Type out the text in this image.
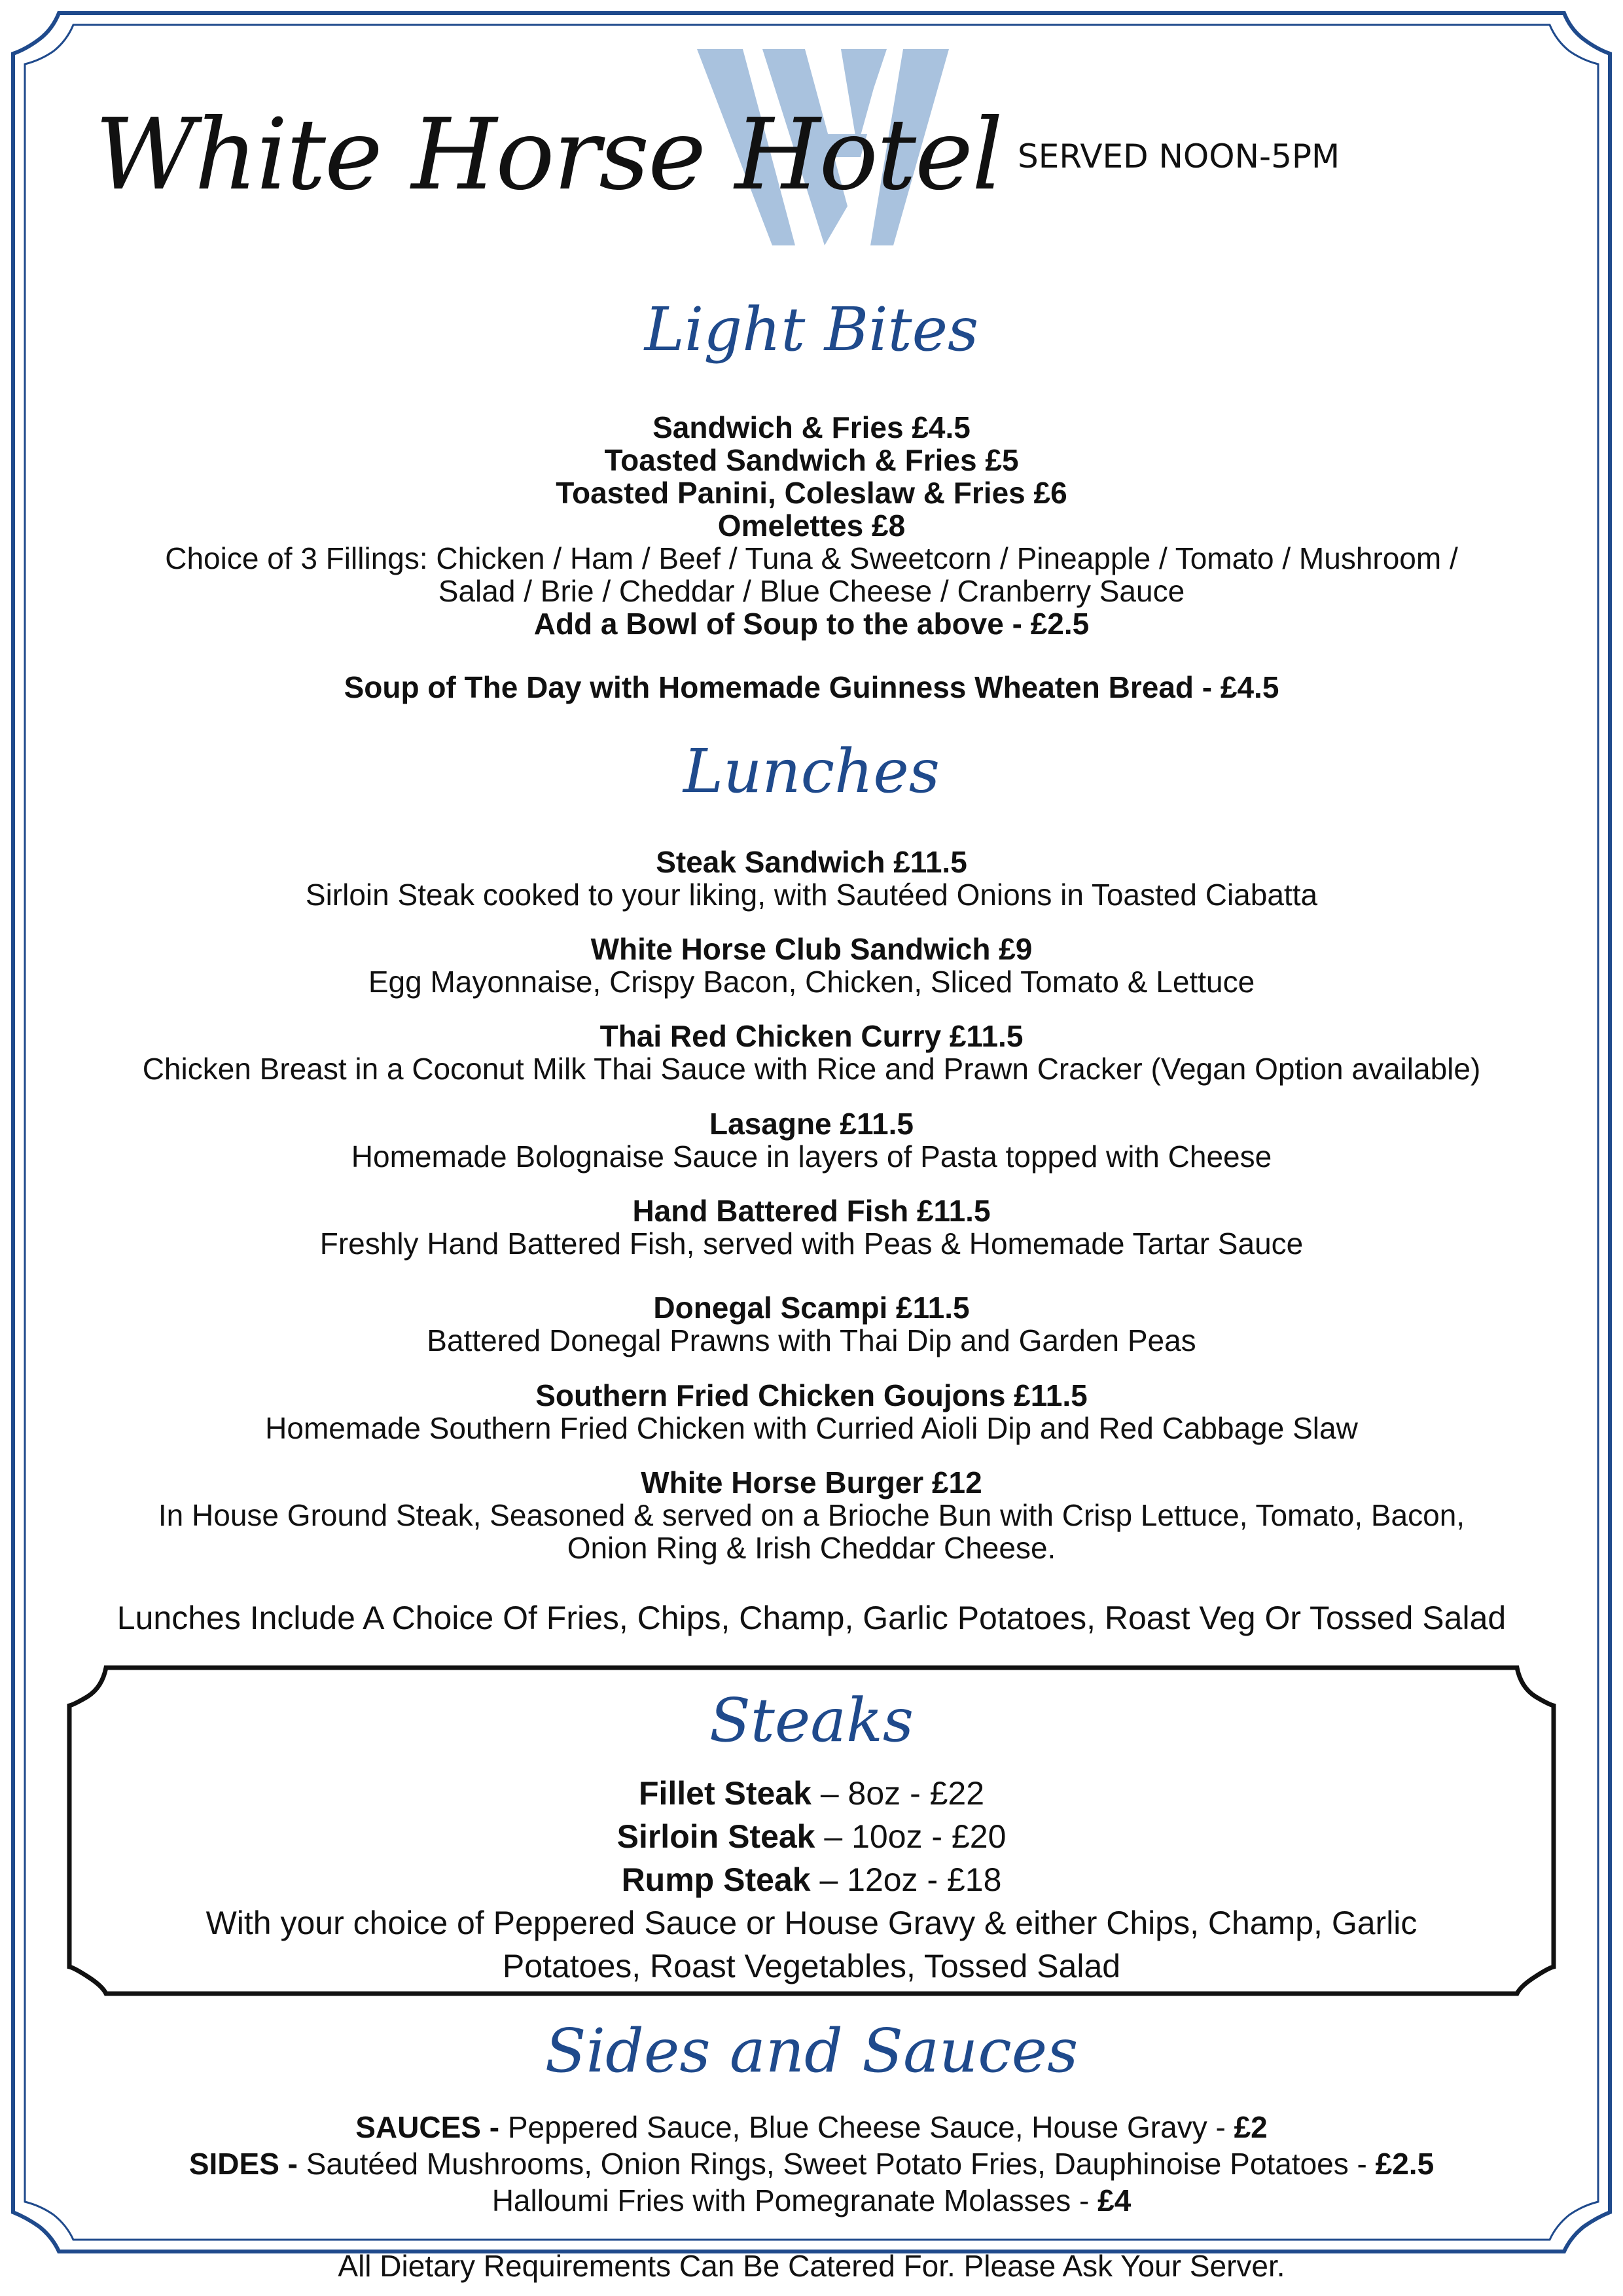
White Horse Hotel SERVED NOON-5PM
Light Bites
Sandwich & Fries £4.5
Toasted Sandwich & Fries £5
Toasted Panini, Coleslaw & Fries £6
Omelettes £8
Choice of 3 Fillings: Chicken / Ham / Beef / Tuna & Sweetcorn / Pineapple / Tomato / Mushroom /
Salad / Brie / Cheddar / Blue Cheese / Cranberry Sauce
Add a Bowl of Soup to the above - £2.5
Soup of The Day with Homemade Guinness Wheaten Bread - £4.5
Lunches
Steak Sandwich £11.5
Sirloin Steak cooked to your liking, with Sautéed Onions in Toasted Ciabatta
White Horse Club Sandwich £9
Egg Mayonnaise, Crispy Bacon, Chicken, Sliced Tomato & Lettuce
Thai Red Chicken Curry £11.5
Chicken Breast in a Coconut Milk Thai Sauce with Rice and Prawn Cracker (Vegan Option available)
Lasagne £11.5
Homemade Bolognaise Sauce in layers of Pasta topped with Cheese
Hand Battered Fish £11.5
Freshly Hand Battered Fish, served with Peas & Homemade Tartar Sauce
Donegal Scampi £11.5
Battered Donegal Prawns with Thai Dip and Garden Peas
Southern Fried Chicken Goujons £11.5
Homemade Southern Fried Chicken with Curried Aioli Dip and Red Cabbage Slaw
White Horse Burger £12
In House Ground Steak, Seasoned & served on a Brioche Bun with Crisp Lettuce, Tomato, Bacon,
Onion Ring & Irish Cheddar Cheese.
Lunches Include A Choice Of Fries, Chips, Champ, Garlic Potatoes, Roast Veg Or Tossed Salad
Steaks
Fillet Steak – 8oz - £22
Sirloin Steak – 10oz - £20
Rump Steak – 12oz - £18
With your choice of Peppered Sauce or House Gravy & either Chips, Champ, Garlic
Potatoes, Roast Vegetables, Tossed Salad
Sides and Sauces
SAUCES - Peppered Sauce, Blue Cheese Sauce, House Gravy - £2
SIDES - Sautéed Mushrooms, Onion Rings, Sweet Potato Fries, Dauphinoise Potatoes - £2.5
Halloumi Fries with Pomegranate Molasses - £4
All Dietary Requirements Can Be Catered For. Please Ask Your Server.
